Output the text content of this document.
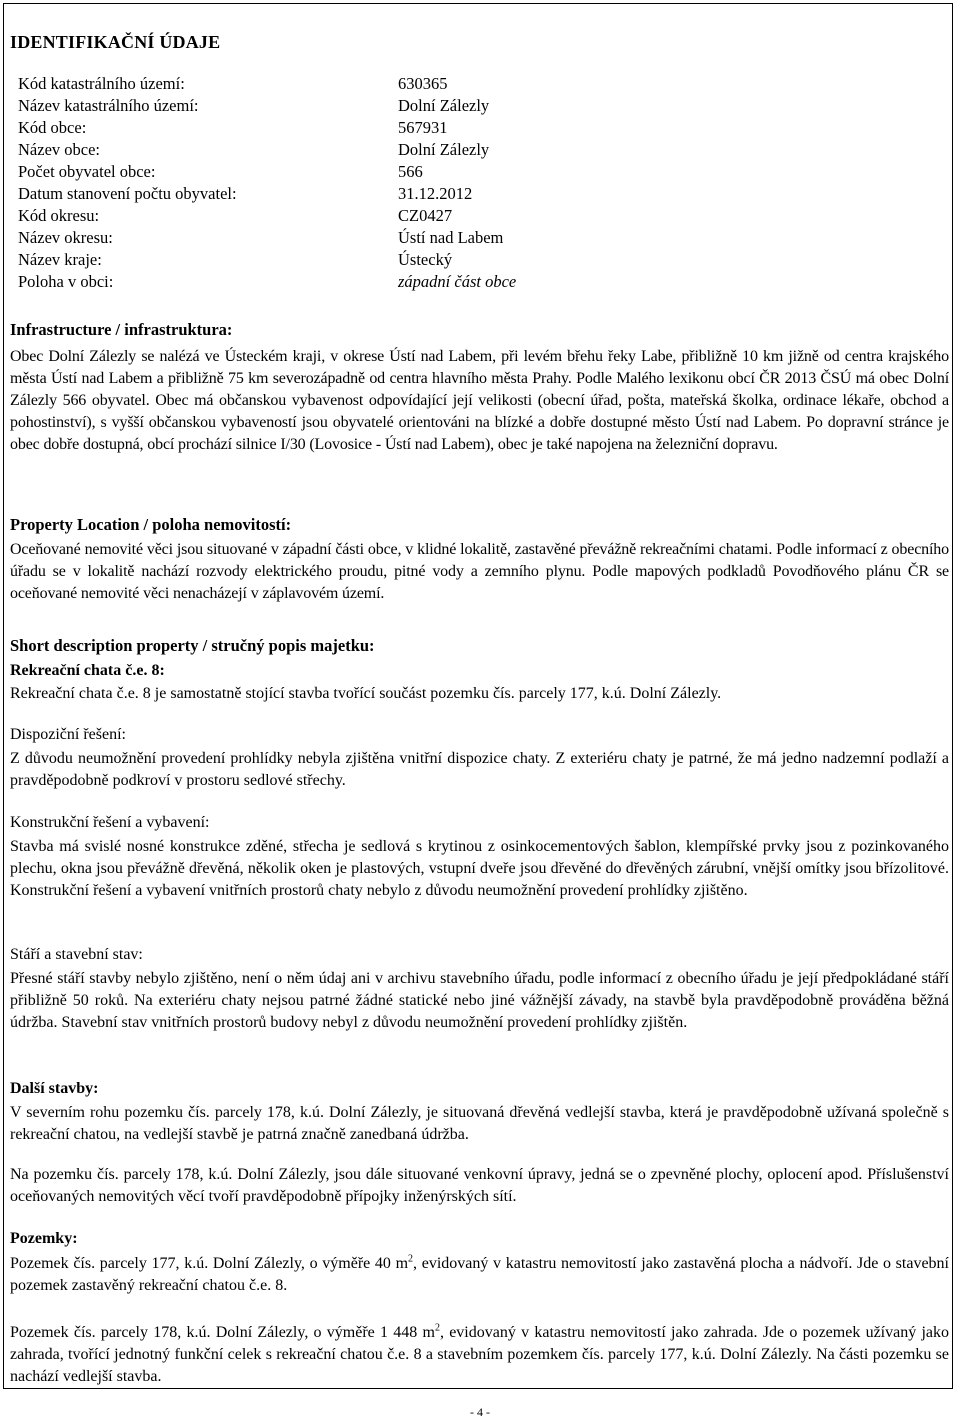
IDENTIFIKAČNÍ ÚDAJE
Kód katastrálního území:	630365
Název katastrálního území:	Dolní Zálezly
Kód obce:	567931
Název obce:	Dolní Zálezly
Počet obyvatel obce:	566
Datum stanovení počtu obyvatel:	31.12.2012
Kód okresu:	CZ0427
Název okresu:	Ústí nad Labem
Název kraje:	Ústecký
Poloha v obci:	západní část obce
Infrastructure / infrastruktura:

Obec Dolní Zálezly se nalézá ve Ústeckém kraji, v okrese Ústí nad Labem, při levém břehu řeky Labe, přibližně 10 km jižně od centra krajského města Ústí nad Labem a přibližně 75 km severozápadně od centra hlavního města Prahy. Podle Malého lexikonu obcí ČR 2013 ČSÚ má obec Dolní Zálezly 566 obyvatel. Obec má občanskou vybavenost odpovídající její velikosti (obecní úřad, pošta, mateřská školka, ordinace lékaře, obchod a pohostinství), s vyšší občanskou vybaveností jsou obyvatelé orientováni na blízké a dobře dostupné město Ústí nad Labem. Po dopravní stránce je obec dobře dostupná, obcí prochází silnice I/30 (Lovosice - Ústí nad Labem), obec je také napojena na železniční dopravu.

Property Location / poloha nemovitostí:

Oceňované nemovité věci jsou situované v západní části obce, v klidné lokalitě, zastavěné převážně rekreačními chatami. Podle informací z obecního úřadu se v lokalitě nachází rozvody elektrického proudu, pitné vody a zemního plynu. Podle mapových podkladů Povodňového plánu ČR se oceňované nemovité věci nenacházejí v záplavovém území.

Short description property / stručný popis majetku:
Rekreační chata č.e. 8:

Rekreační chata č.e. 8 je samostatně stojící stavba tvořící součást pozemku čís. parcely 177, k.ú. Dolní Zálezly.

Dispoziční řešení:

Z důvodu neumožnění provedení prohlídky nebyla zjištěna vnitřní dispozice chaty. Z exteriéru chaty je patrné, že má jedno nadzemní podlaží a pravděpodobně podkroví v prostoru sedlové střechy.

Konstrukční řešení a vybavení:

Stavba má svislé nosné konstrukce zděné, střecha je sedlová s krytinou z osinkocementových šablon, klempířské prvky jsou z pozinkovaného plechu, okna jsou převážně dřevěná, několik oken je plastových, vstupní dveře jsou dřevěné do dřevěných zárubní, vnější omítky jsou břízolitové. Konstrukční řešení a vybavení vnitřních prostorů chaty nebylo z důvodu neumožnění provedení prohlídky zjištěno.

Stáří a stavební stav:

Přesné stáří stavby nebylo zjištěno, není o něm údaj ani v archivu stavebního úřadu, podle informací z obecního úřadu je její předpokládané stáří přibližně 50 roků. Na exteriéru chaty nejsou patrné žádné statické nebo jiné vážnější závady, na stavbě byla pravděpodobně prováděna běžná údržba. Stavební stav vnitřních prostorů budovy nebyl z důvodu neumožnění provedení prohlídky zjištěn.

Další stavby:

V severním rohu pozemku čís. parcely 178, k.ú. Dolní Zálezly, je situovaná dřevěná vedlejší stavba, která je pravděpodobně užívaná společně s rekreační chatou, na vedlejší stavbě je patrná značně zanedbaná údržba.

Na pozemku čís. parcely 178, k.ú. Dolní Zálezly, jsou dále situované venkovní úpravy, jedná se o zpevněné plochy, oplocení apod. Příslušenství oceňovaných nemovitých věcí tvoří pravděpodobně přípojky inženýrských sítí.

Pozemky:

Pozemek čís. parcely 177, k.ú. Dolní Zálezly, o výměře 40 $m^2$, evidovaný v katastru nemovitostí jako zastavěná plocha a nádvoří. Jde o stavební pozemek zastavěný rekreační chatou č.e. 8.

Pozemek čís. parcely 178, k.ú. Dolní Zálezly, o výměře 1 448 $m^2$, evidovaný v katastru nemovitostí jako zahrada. Jde o pozemek užívaný jako zahrada, tvořící jednotný funkční celek s rekreační chatou č.e. 8 a stavebním pozemkem čís. parcely 177, k.ú. Dolní Zálezly. Na části pozemku se nachází vedlejší stavba.

- 4 -
